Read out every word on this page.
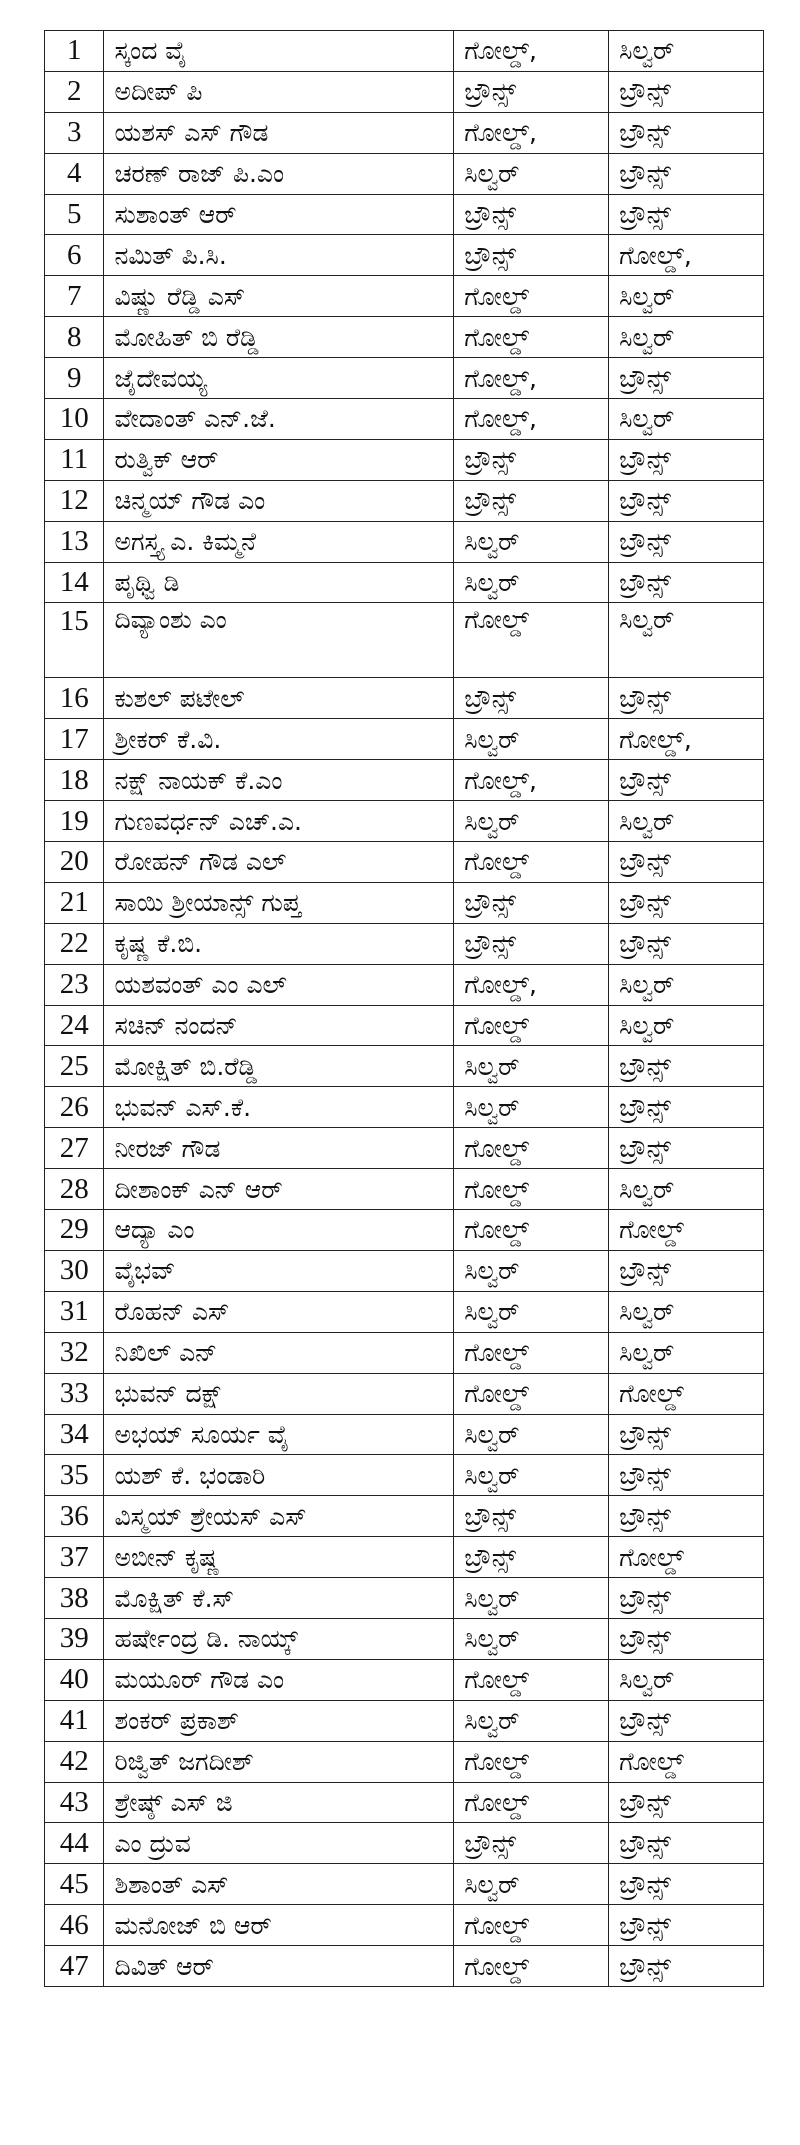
1	ಸ್ಕಂದ ವೈ	ಗೋಲ್ಡ್,	ಸಿಲ್ವರ್
2	ಅದೀಪ್ ಪಿ	ಬ್ರೌನ್ಸ್	ಬ್ರೌನ್ಸ್
3	ಯಶಸ್ ಎಸ್ ಗೌಡ	ಗೋಲ್ಡ್,	ಬ್ರೌನ್ಸ್
4	ಚರಣ್ ರಾಜ್ ಪಿ.ಎಂ	ಸಿಲ್ವರ್	ಬ್ರೌನ್ಸ್
5	ಸುಶಾಂತ್ ಆರ್	ಬ್ರೌನ್ಸ್	ಬ್ರೌನ್ಸ್
6	ನಮಿತ್ ಪಿ.ಸಿ.	ಬ್ರೌನ್ಸ್	ಗೋಲ್ಡ್,
7	ವಿಷ್ಣು ರೆಡ್ಡಿ ಎಸ್	ಗೋಲ್ಡ್	ಸಿಲ್ವರ್
8	ಮೋಹಿತ್ ಬಿ ರೆಡ್ಡಿ	ಗೋಲ್ಡ್	ಸಿಲ್ವರ್
9	ಜೈದೇವಯ್ಯ	ಗೋಲ್ಡ್,	ಬ್ರೌನ್ಸ್
10	ವೇದಾಂತ್ ಎನ್.ಜೆ.	ಗೋಲ್ಡ್,	ಸಿಲ್ವರ್
11	ರುತ್ವಿಕ್ ಆರ್	ಬ್ರೌನ್ಸ್	ಬ್ರೌನ್ಸ್
12	ಚಿನ್ಮಯ್ ಗೌಡ ಎಂ	ಬ್ರೌನ್ಸ್	ಬ್ರೌನ್ಸ್
13	ಅಗಸ್ತ್ಯ ಎ. ಕಿಮ್ಮನೆ	ಸಿಲ್ವರ್	ಬ್ರೌನ್ಸ್
14	ಪೃಥ್ವಿ ಡಿ	ಸಿಲ್ವರ್	ಬ್ರೌನ್ಸ್
15	ದಿವ್ಯಾಂಶು ಎಂ	ಗೋಲ್ಡ್	ಸಿಲ್ವರ್
16	ಕುಶಲ್ ಪಟೇಲ್	ಬ್ರೌನ್ಸ್	ಬ್ರೌನ್ಸ್
17	ಶ್ರೀಕರ್ ಕೆ.ವಿ.	ಸಿಲ್ವರ್	ಗೋಲ್ಡ್,
18	ನಕ್ಷ್ ನಾಯಕ್ ಕೆ.ಎಂ	ಗೋಲ್ಡ್,	ಬ್ರೌನ್ಸ್
19	ಗುಣವರ್ಧನ್ ಎಚ್.ಎ.	ಸಿಲ್ವರ್	ಸಿಲ್ವರ್
20	ರೋಹನ್ ಗೌಡ ಎಲ್	ಗೋಲ್ಡ್	ಬ್ರೌನ್ಸ್
21	ಸಾಯಿ ಶ್ರೀಯಾನ್ಸ್ ಗುಪ್ತ	ಬ್ರೌನ್ಸ್	ಬ್ರೌನ್ಸ್
22	ಕೃಷ್ಣ ಕೆ.ಬಿ.	ಬ್ರೌನ್ಸ್	ಬ್ರೌನ್ಸ್
23	ಯಶವಂತ್ ಎಂ ಎಲ್	ಗೋಲ್ಡ್,	ಸಿಲ್ವರ್
24	ಸಚಿನ್ ನಂದನ್	ಗೋಲ್ಡ್	ಸಿಲ್ವರ್
25	ಮೋಕ್ಷಿತ್ ಬಿ.ರೆಡ್ಡಿ	ಸಿಲ್ವರ್	ಬ್ರೌನ್ಸ್
26	ಭುವನ್ ಎಸ್.ಕೆ.	ಸಿಲ್ವರ್	ಬ್ರೌನ್ಸ್
27	ನೀರಜ್ ಗೌಡ	ಗೋಲ್ಡ್	ಬ್ರೌನ್ಸ್
28	ದೀಶಾಂಕ್ ಎನ್ ಆರ್	ಗೋಲ್ಡ್	ಸಿಲ್ವರ್
29	ಆದ್ಯಾ ಎಂ	ಗೋಲ್ಡ್	ಗೋಲ್ಡ್
30	ವೈಭವ್	ಸಿಲ್ವರ್	ಬ್ರೌನ್ಸ್
31	ರೊಹನ್ ಎಸ್	ಸಿಲ್ವರ್	ಸಿಲ್ವರ್
32	ನಿಖಿಲ್ ಎನ್	ಗೋಲ್ಡ್	ಸಿಲ್ವರ್
33	ಭುವನ್ ದಕ್ಷ್	ಗೋಲ್ಡ್	ಗೋಲ್ಡ್
34	ಅಭಯ್ ಸೂರ್ಯ ವೈ	ಸಿಲ್ವರ್	ಬ್ರೌನ್ಸ್
35	ಯಶ್ ಕೆ. ಭಂಡಾರಿ	ಸಿಲ್ವರ್	ಬ್ರೌನ್ಸ್
36	ವಿಸ್ಮಯ್ ಶ್ರೇಯಸ್ ಎಸ್	ಬ್ರೌನ್ಸ್	ಬ್ರೌನ್ಸ್
37	ಅಬೀನ್ ಕೃಷ್ಣ	ಬ್ರೌನ್ಸ್	ಗೋಲ್ಡ್
38	ಮೊಕ್ಷಿತ್ ಕೆ.ಸ್	ಸಿಲ್ವರ್	ಬ್ರೌನ್ಸ್
39	ಹರ್ಷೇಂದ್ರ ಡಿ. ನಾಯ್ಕ್	ಸಿಲ್ವರ್	ಬ್ರೌನ್ಸ್
40	ಮಯೂರ್ ಗೌಡ ಎಂ	ಗೋಲ್ಡ್	ಸಿಲ್ವರ್
41	ಶಂಕರ್ ಪ್ರಕಾಶ್	ಸಿಲ್ವರ್	ಬ್ರೌನ್ಸ್
42	ರಿಜ್ವಿತ್ ಜಗದೀಶ್	ಗೋಲ್ಡ್	ಗೋಲ್ಡ್
43	ಶ್ರೇಷ್ಠ್ ಎಸ್ ಜಿ	ಗೋಲ್ಡ್	ಬ್ರೌನ್ಸ್
44	ಎಂ ದ್ರುವ	ಬ್ರೌನ್ಸ್	ಬ್ರೌನ್ಸ್
45	ಶಿಶಾಂತ್ ಎಸ್	ಸಿಲ್ವರ್	ಬ್ರೌನ್ಸ್
46	ಮನೋಜ್ ಬಿ ಆರ್	ಗೋಲ್ಡ್	ಬ್ರೌನ್ಸ್
47	ದಿವಿತ್ ಆರ್	ಗೋಲ್ಡ್	ಬ್ರೌನ್ಸ್
